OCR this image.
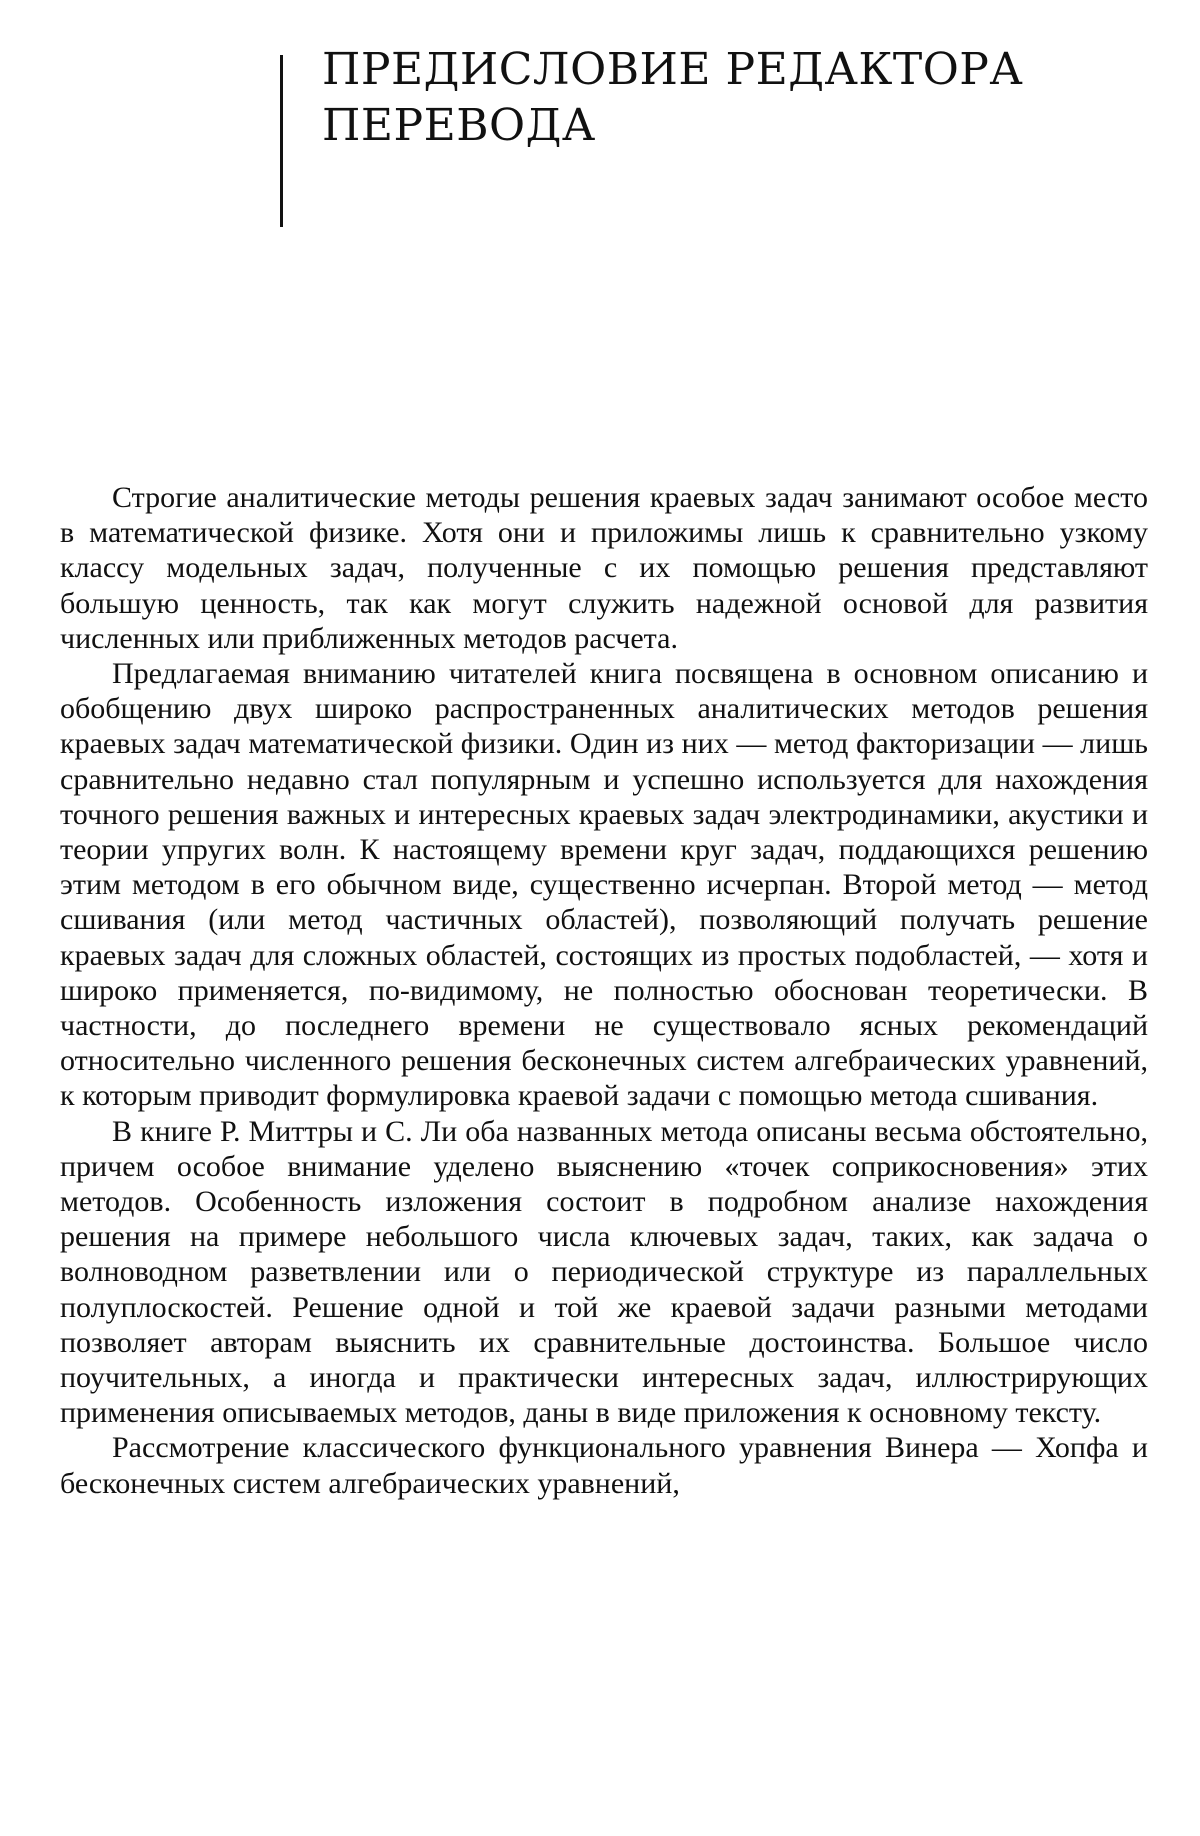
ПРЕДИСЛОВИЕ РЕДАКТОРА
ПЕРЕВОДА

Строгие аналитические методы решения краевых задач занимают особое место в математической физике. Хотя они и приложимы лишь к сравнительно узкому классу модельных задач, полученные с их помощью решения представляют большую ценность, так как могут служить надежной основой для развития численных или приближенных методов расчета.

Предлагаемая вниманию читателей книга посвящена в основном описанию и обобщению двух широко распространенных аналитических методов решения краевых задач математической физики. Один из них — метод факторизации — лишь сравнительно недавно стал популярным и успешно используется для нахождения точного решения важных и интересных краевых задач электродинамики, акустики и теории упругих волн. К настоящему времени круг задач, поддающихся решению этим методом в его обычном виде, существенно исчерпан. Второй метод — метод сшивания (или метод частичных областей), позволяющий получать решение краевых задач для сложных областей, состоящих из простых подобластей, — хотя и широко применяется, по-видимому, не полностью обоснован теоретически. В частности, до последнего времени не существовало ясных рекомендаций относительно численного решения бесконечных систем алгебраических уравнений, к которым приводит формулировка краевой задачи с помощью метода сшивания.

В книге Р. Миттры и С. Ли оба названных метода описаны весьма обстоятельно, причем особое внимание уделено выяснению «точек соприкосновения» этих методов. Особенность изложения состоит в подробном анализе нахождения решения на примере небольшого числа ключевых задач, таких, как задача о волноводном разветвлении или о периодической структуре из параллельных полуплоскостей. Решение одной и той же краевой задачи разными методами позволяет авторам выяснить их сравнительные достоинства. Большое число поучительных, а иногда и практически интересных задач, иллюстрирующих применения описываемых методов, даны в виде приложения к основному тексту.

Рассмотрение классического функционального уравнения Винера — Хопфа и бесконечных систем алгебраических уравнений,
